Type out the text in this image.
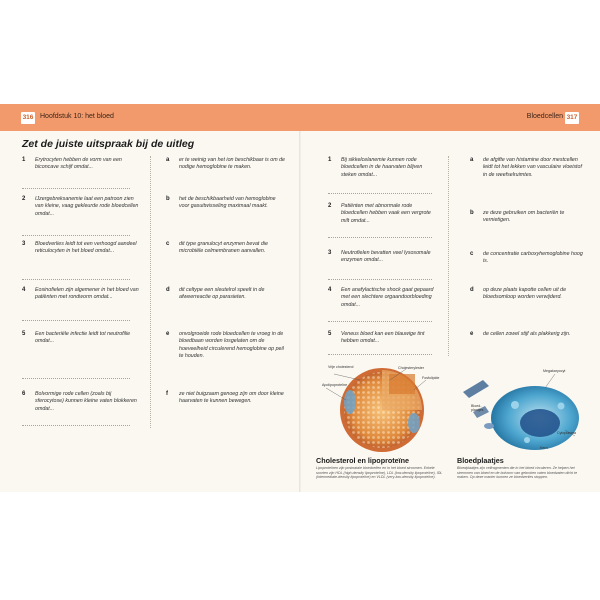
316 Hoofdstuk 10: het bloed	Bloedcellen 317
Zet de juiste uitspraak bij de uitleg
1 Erytrocyten hebben de vorm van een biconcave schijf omdat...
2 IJzergebreksanemie laat een patroon zien van kleine, vaag gekleurde rode bloedcellen omdat...
3 Bloedverlies leidt tot een verhoogd aandeel reticulocyten in het bloed omdat...
4 Eosinofielen zijn algemener in het bloed van patiënten met rondworm omdat...
5 Een bacteriële infectie leidt tot neutrofilie omdat...
6 Bolvormige rode cellen (zoals bij sferocytose) kunnen kleine vaten blokkeren omdat...
a er te weinig van het ion beschikbaar is om de nodige hemoglobine te maken.
b het de beschikbaarheid van hemoglobine voor gasuitwisseling maximaal maakt.
c dit type granulocyt enzymen bevat die microbiële celmembranen aanvallen.
d dit celtype een sleutelrol speelt in de afweerreactie op parasieten.
e onvolgroeide rode bloedcellen te vroeg in de bloedbaan worden losgelaten om de hoeveelheid circulerend hemoglobine op peil te houden.
f ze niet buigzaam genoeg zijn om door kleine haarvaten te kunnen bewegen.
1 Bij sikkelcelanemie kunnen rode bloedcellen in de haarvaten blijven steken omdat...
2 Patiënten met abnormale rode bloedcellen hebben vaak een vergrote milt omdat...
3 Neutrofielen bevatten veel lysosomale enzymen omdat...
4 Een anafylactische shock gaat gepaard met een slechtere orgaandoorbloeding omdat...
5 Veneus bloed kan een blauwige tint hebben omdat...
a de afgifte van histamine door mestcellen leidt tot het lekken van vasculaire vloeistof in de weefselruimtes.
b ze deze gebruiken om bacteriën te vernietigen.
c de concentratie carboxyhemoglobine hoog is.
d op deze plaats kapotte cellen uit de bloedsomloop worden verwijderd.
e de cellen zowel stijf als plakkerig zijn.
Vrije cholesterol	Cholesterylester
Fosfolipide
Apolipoproteïne
Cholesterol en lipoproteïne
Lipoproteïnen zijn postnatale bloedcellen en in het bloed stroomen. Enkele soorten zijn HDL (high-density lipoproteïne), LDL (low-density lipoproteïne), IDL (intermediate-density lipoproteïne) en VLDL (very-low-density lipoproteïne).
Megakaryocyt
Bloed-plaatjes
Cytoplasma
Kern
Bloedplaatjes
Bloedplaatjes zijn celfragmenten die in het bloed circuleren. Ze helpen het stremmen van bloed en de bolvorm van gebroken vaten bloedvaten dicht te maken. Op deze manier kunnen ze bloedverlies stoppen.
